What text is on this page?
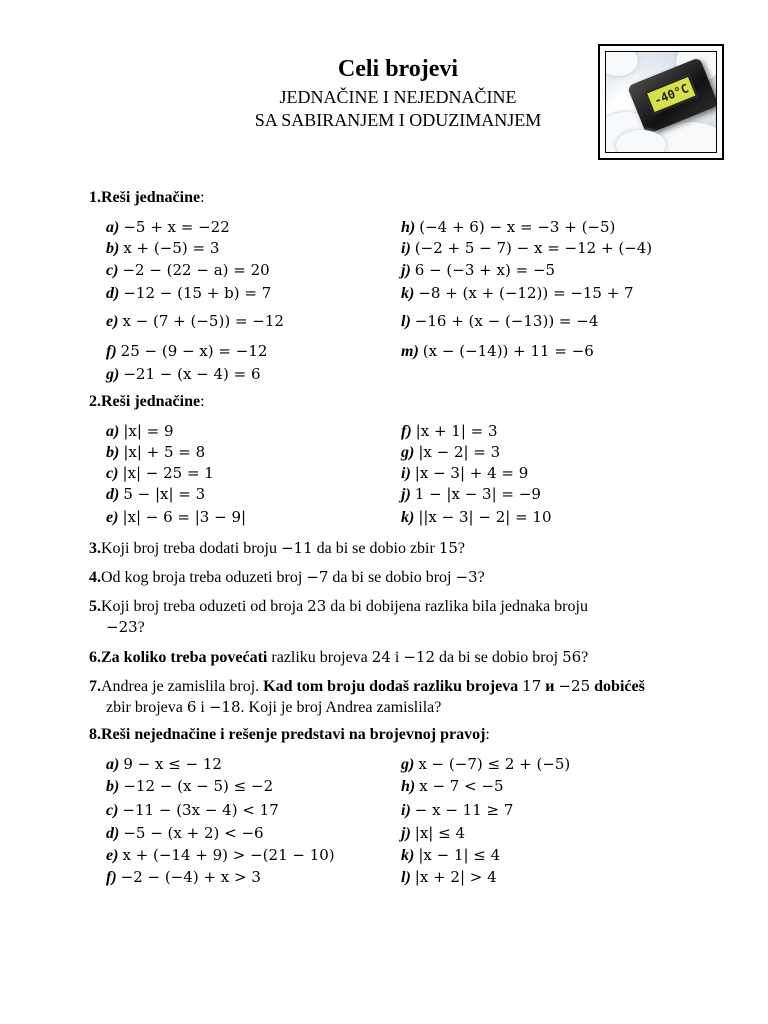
Celi brojevi
JEDNAČINE I NEJEDNAČINE
SA SABIRANJEM I ODUZIMANJEM
-40°C
1.Reši jednačine:
a) −5 + x = −22
b) x + (−5) = 3
c) −2 − (22 − a) = 20
d) −12 − (15 + b) = 7
e) x − (7 + (−5)) = −12
f) 25 − (9 − x) = −12
g) −21 − (x − 4) = 6
h) (−4 + 6) − x = −3 + (−5)
i) (−2 + 5 − 7) − x = −12 + (−4)
j) 6 − (−3 + x) = −5
k) −8 + (x + (−12)) = −15 + 7
l) −16 + (x − (−13)) = −4
m) (x − (−14)) + 11 = −6
2.Reši jednačine:
a) |x| = 9
b) |x| + 5 = 8
c) |x| − 25 = 1
d) 5 − |x| = 3
e) |x| − 6 = |3 − 9|
f) |x + 1| = 3
g) |x − 2| = 3
i) |x − 3| + 4 = 9
j) 1 − |x − 3| = −9
k) ||x − 3| − 2| = 10
3.Koji broj treba dodati broju −11 da bi se dobio zbir 15?
4.Od kog broja treba oduzeti broj −7 da bi se dobio broj −3?
5.Koji broj treba oduzeti od broja 23 da bi dobijena razlika bila jednaka broju
−23?
6.Za koliko treba povećati razliku brojeva 24 i −12 da bi se dobio broj 56?
7.Andrea je zamislila broj. Kad tom broju dodaš razliku brojeva 17 и −25 dobićeš
zbir brojeva 6 i −18. Koji je broj Andrea zamislila?
8.Reši nejednačine i rešenje predstavi na brojevnoj pravoj:
a) 9 − x ≤ − 12
b) −12 − (x − 5) ≤ −2
c) −11 − (3x − 4) < 17
d) −5 − (x + 2) < −6
e) x + (−14 + 9) > −(21 − 10)
f) −2 − (−4) + x > 3
g) x − (−7) ≤ 2 + (−5)
h) x − 7 < −5
i) − x − 11 ≥ 7
j) |x| ≤ 4
k) |x − 1| ≤ 4
l) |x + 2| > 4
